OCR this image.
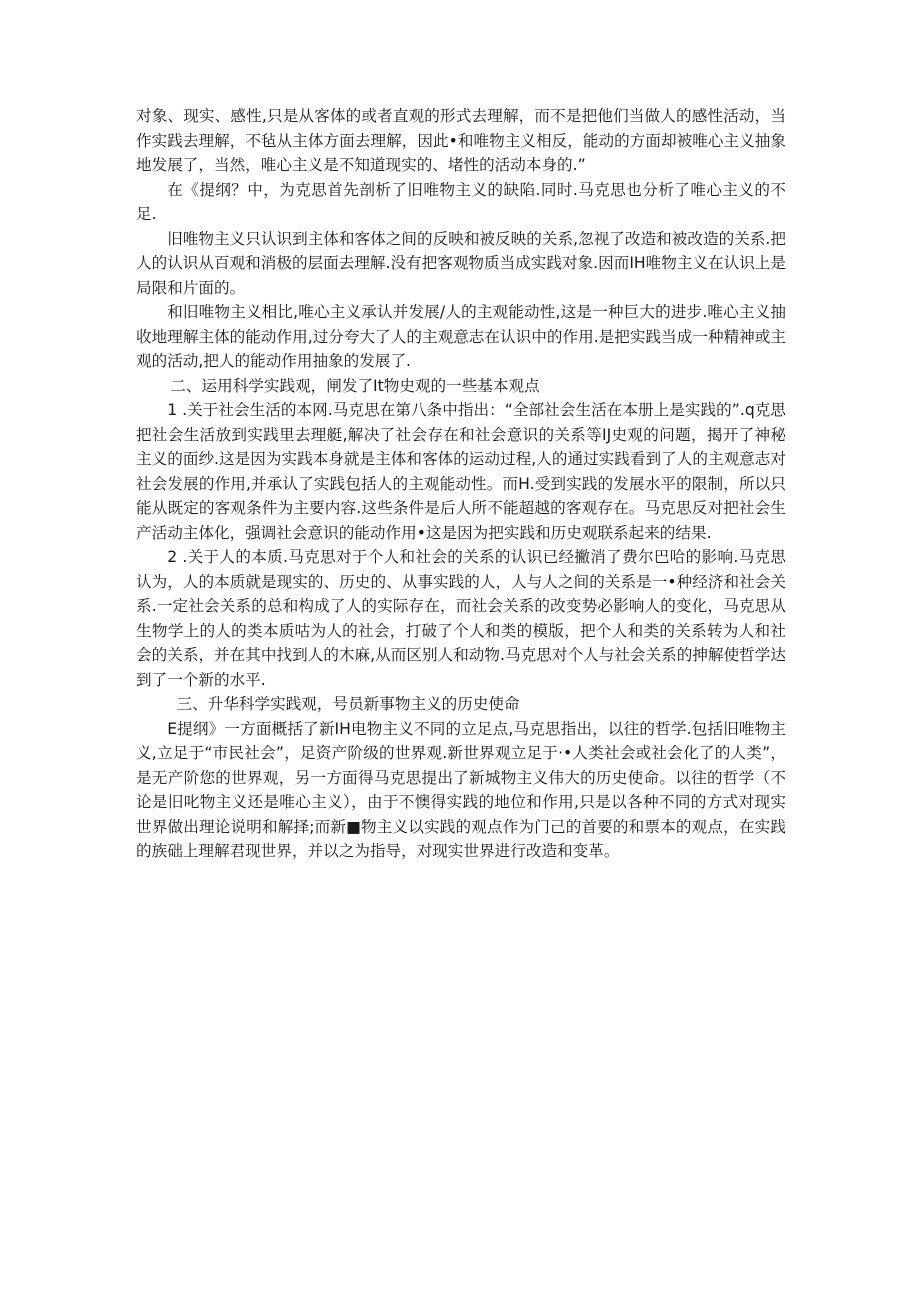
对象、现实、感性,只是从客体的或者直观的形式去理解，而不是把他们当做人的感性活动，当作实践去理解，不毡从主体方面去理解，因此•和唯物主义相反，能动的方面却被唯心主义抽象地发展了，当然，唯心主义是不知道现实的、堵性的活动本身的.”

在《提纲？中，为克思首先剖析了旧唯物主义的缺陷.同时.马克思也分析了唯心主义的不足.

旧唯物主义只认识到主体和客体之间的反映和被反映的关系,忽视了改造和被改造的关系.把人的认识从百观和消极的层面去理解.没有把客观物质当成实践对象.因而IH唯物主义在认识上是局限和片面的。

和旧唯物主义相比,唯心主义承认并发展/人的主观能动性,这是一种巨大的进步.唯心主义抽收地理解主体的能动作用,过分夸大了人的主观意志在认识中的作用.是把实践当成一种精神或主观的活动,把人的能动作用抽象的发展了.

二、运用科学实践观，闸发了It物史观的一些基本观点

1 .关于社会生活的本网.马克思在第八条中指出：“全部社会生活在本册上是实践的”.q克思把社会生活放到实践里去理艇,解决了社会存在和社会意识的关系等IJ史观的问题，揭开了神秘主义的面纱.这是因为实践本身就是主体和客体的运动过程,人的通过实践看到了人的主观意志对社会发展的作用,并承认了实践包括人的主观能动性。而H.受到实践的发展水平的限制，所以只能从既定的客观条件为主要内容.这些条件是后人所不能超越的客观存在。马克思反对把社会生产活动主体化，强调社会意识的能动作用•这是因为把实践和历史观联系起来的结果.

2 .关于人的本质.马克思对于个人和社会的关系的认识已经撇消了费尔巴哈的影响.马克思认为，人的本质就是现实的、历史的、从事实践的人，人与人之间的关系是一•种经济和社会关系.一定社会关系的总和构成了人的实际存在，而社会关系的改变势必影响人的变化，马克思从生物学上的人的类本质咕为人的社会，打破了个人和类的模版，把个人和类的关系转为人和社会的关系，并在其中找到人的木麻,从而区别人和动物.马克思对个人与社会关系的抻解使哲学达到了一个新的水平.

三、升华科学实践观，号员新事物主义的历史使命

E提纲》一方面概括了新IH电物主义不同的立足点,马克思指出，以往的哲学.包括旧唯物主义,立足于“市民社会”，足资产阶级的世界观.新世界观立足于·•人类社会或社会化了的人类”，是无产阶您的世界观，另一方面得马克思提出了新城物主义伟大的历史使命。以往的哲学（不论是旧叱物主义还是唯心主义），由于不懊得实践的地位和作用,只是以各种不同的方式对现实世界做出理论说明和解择;而新■物主义以实践的观点作为门己的首要的和票本的观点，在实践的族础上理解君现世界，并以之为指导，对现实世界进行改造和变革。
